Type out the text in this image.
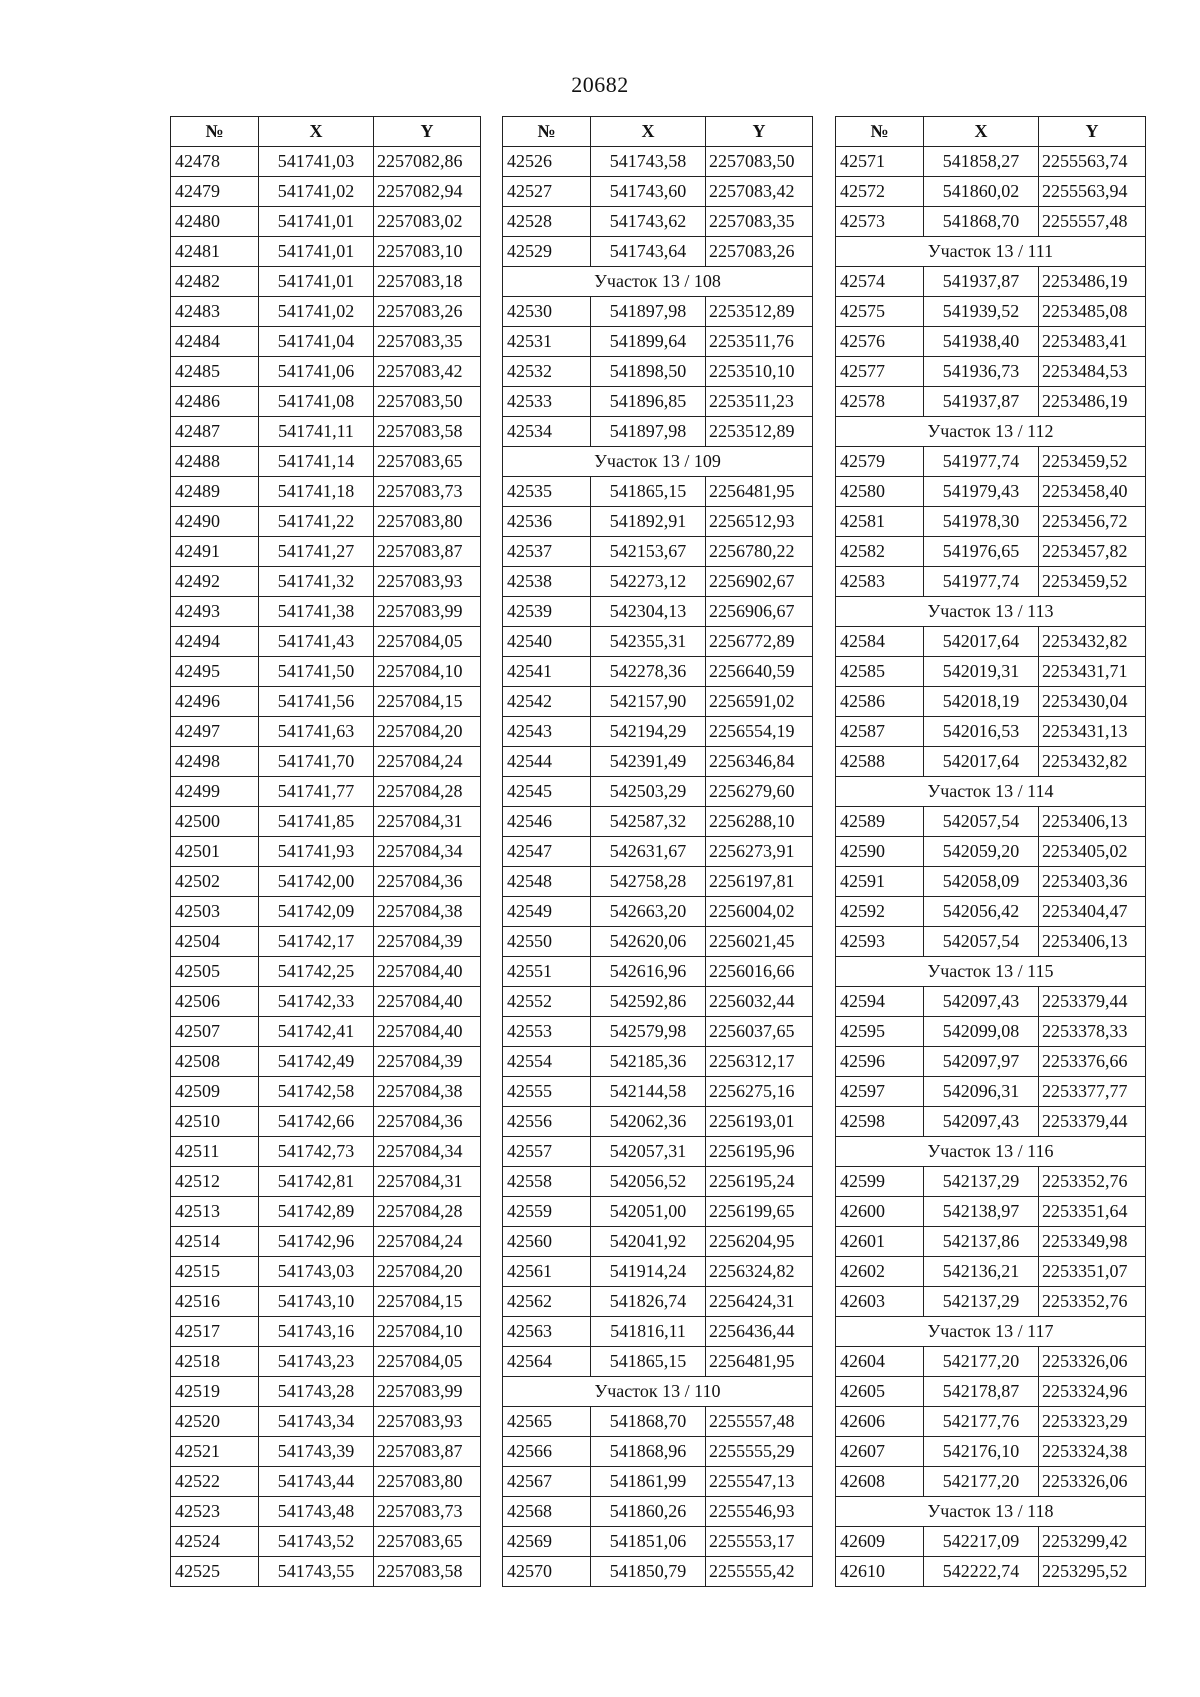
20682
№	X	Y
42478	541741,03	2257082,86
42479	541741,02	2257082,94
42480	541741,01	2257083,02
42481	541741,01	2257083,10
42482	541741,01	2257083,18
42483	541741,02	2257083,26
42484	541741,04	2257083,35
42485	541741,06	2257083,42
42486	541741,08	2257083,50
42487	541741,11	2257083,58
42488	541741,14	2257083,65
42489	541741,18	2257083,73
42490	541741,22	2257083,80
42491	541741,27	2257083,87
42492	541741,32	2257083,93
42493	541741,38	2257083,99
42494	541741,43	2257084,05
42495	541741,50	2257084,10
42496	541741,56	2257084,15
42497	541741,63	2257084,20
42498	541741,70	2257084,24
42499	541741,77	2257084,28
42500	541741,85	2257084,31
42501	541741,93	2257084,34
42502	541742,00	2257084,36
42503	541742,09	2257084,38
42504	541742,17	2257084,39
42505	541742,25	2257084,40
42506	541742,33	2257084,40
42507	541742,41	2257084,40
42508	541742,49	2257084,39
42509	541742,58	2257084,38
42510	541742,66	2257084,36
42511	541742,73	2257084,34
42512	541742,81	2257084,31
42513	541742,89	2257084,28
42514	541742,96	2257084,24
42515	541743,03	2257084,20
42516	541743,10	2257084,15
42517	541743,16	2257084,10
42518	541743,23	2257084,05
42519	541743,28	2257083,99
42520	541743,34	2257083,93
42521	541743,39	2257083,87
42522	541743,44	2257083,80
42523	541743,48	2257083,73
42524	541743,52	2257083,65
42525	541743,55	2257083,58
№	X	Y
42526	541743,58	2257083,50
42527	541743,60	2257083,42
42528	541743,62	2257083,35
42529	541743,64	2257083,26
Участок 13 / 108		
42530	541897,98	2253512,89
42531	541899,64	2253511,76
42532	541898,50	2253510,10
42533	541896,85	2253511,23
42534	541897,98	2253512,89
Участок 13 / 109		
42535	541865,15	2256481,95
42536	541892,91	2256512,93
42537	542153,67	2256780,22
42538	542273,12	2256902,67
42539	542304,13	2256906,67
42540	542355,31	2256772,89
42541	542278,36	2256640,59
42542	542157,90	2256591,02
42543	542194,29	2256554,19
42544	542391,49	2256346,84
42545	542503,29	2256279,60
42546	542587,32	2256288,10
42547	542631,67	2256273,91
42548	542758,28	2256197,81
42549	542663,20	2256004,02
42550	542620,06	2256021,45
42551	542616,96	2256016,66
42552	542592,86	2256032,44
42553	542579,98	2256037,65
42554	542185,36	2256312,17
42555	542144,58	2256275,16
42556	542062,36	2256193,01
42557	542057,31	2256195,96
42558	542056,52	2256195,24
42559	542051,00	2256199,65
42560	542041,92	2256204,95
42561	541914,24	2256324,82
42562	541826,74	2256424,31
42563	541816,11	2256436,44
42564	541865,15	2256481,95
Участок 13 / 110		
42565	541868,70	2255557,48
42566	541868,96	2255555,29
42567	541861,99	2255547,13
42568	541860,26	2255546,93
42569	541851,06	2255553,17
42570	541850,79	2255555,42
№	X	Y
42571	541858,27	2255563,74
42572	541860,02	2255563,94
42573	541868,70	2255557,48
Участок 13 / 111		
42574	541937,87	2253486,19
42575	541939,52	2253485,08
42576	541938,40	2253483,41
42577	541936,73	2253484,53
42578	541937,87	2253486,19
Участок 13 / 112		
42579	541977,74	2253459,52
42580	541979,43	2253458,40
42581	541978,30	2253456,72
42582	541976,65	2253457,82
42583	541977,74	2253459,52
Участок 13 / 113		
42584	542017,64	2253432,82
42585	542019,31	2253431,71
42586	542018,19	2253430,04
42587	542016,53	2253431,13
42588	542017,64	2253432,82
Участок 13 / 114		
42589	542057,54	2253406,13
42590	542059,20	2253405,02
42591	542058,09	2253403,36
42592	542056,42	2253404,47
42593	542057,54	2253406,13
Участок 13 / 115		
42594	542097,43	2253379,44
42595	542099,08	2253378,33
42596	542097,97	2253376,66
42597	542096,31	2253377,77
42598	542097,43	2253379,44
Участок 13 / 116		
42599	542137,29	2253352,76
42600	542138,97	2253351,64
42601	542137,86	2253349,98
42602	542136,21	2253351,07
42603	542137,29	2253352,76
Участок 13 / 117		
42604	542177,20	2253326,06
42605	542178,87	2253324,96
42606	542177,76	2253323,29
42607	542176,10	2253324,38
42608	542177,20	2253326,06
Участок 13 / 118		
42609	542217,09	2253299,42
42610	542222,74	2253295,52
